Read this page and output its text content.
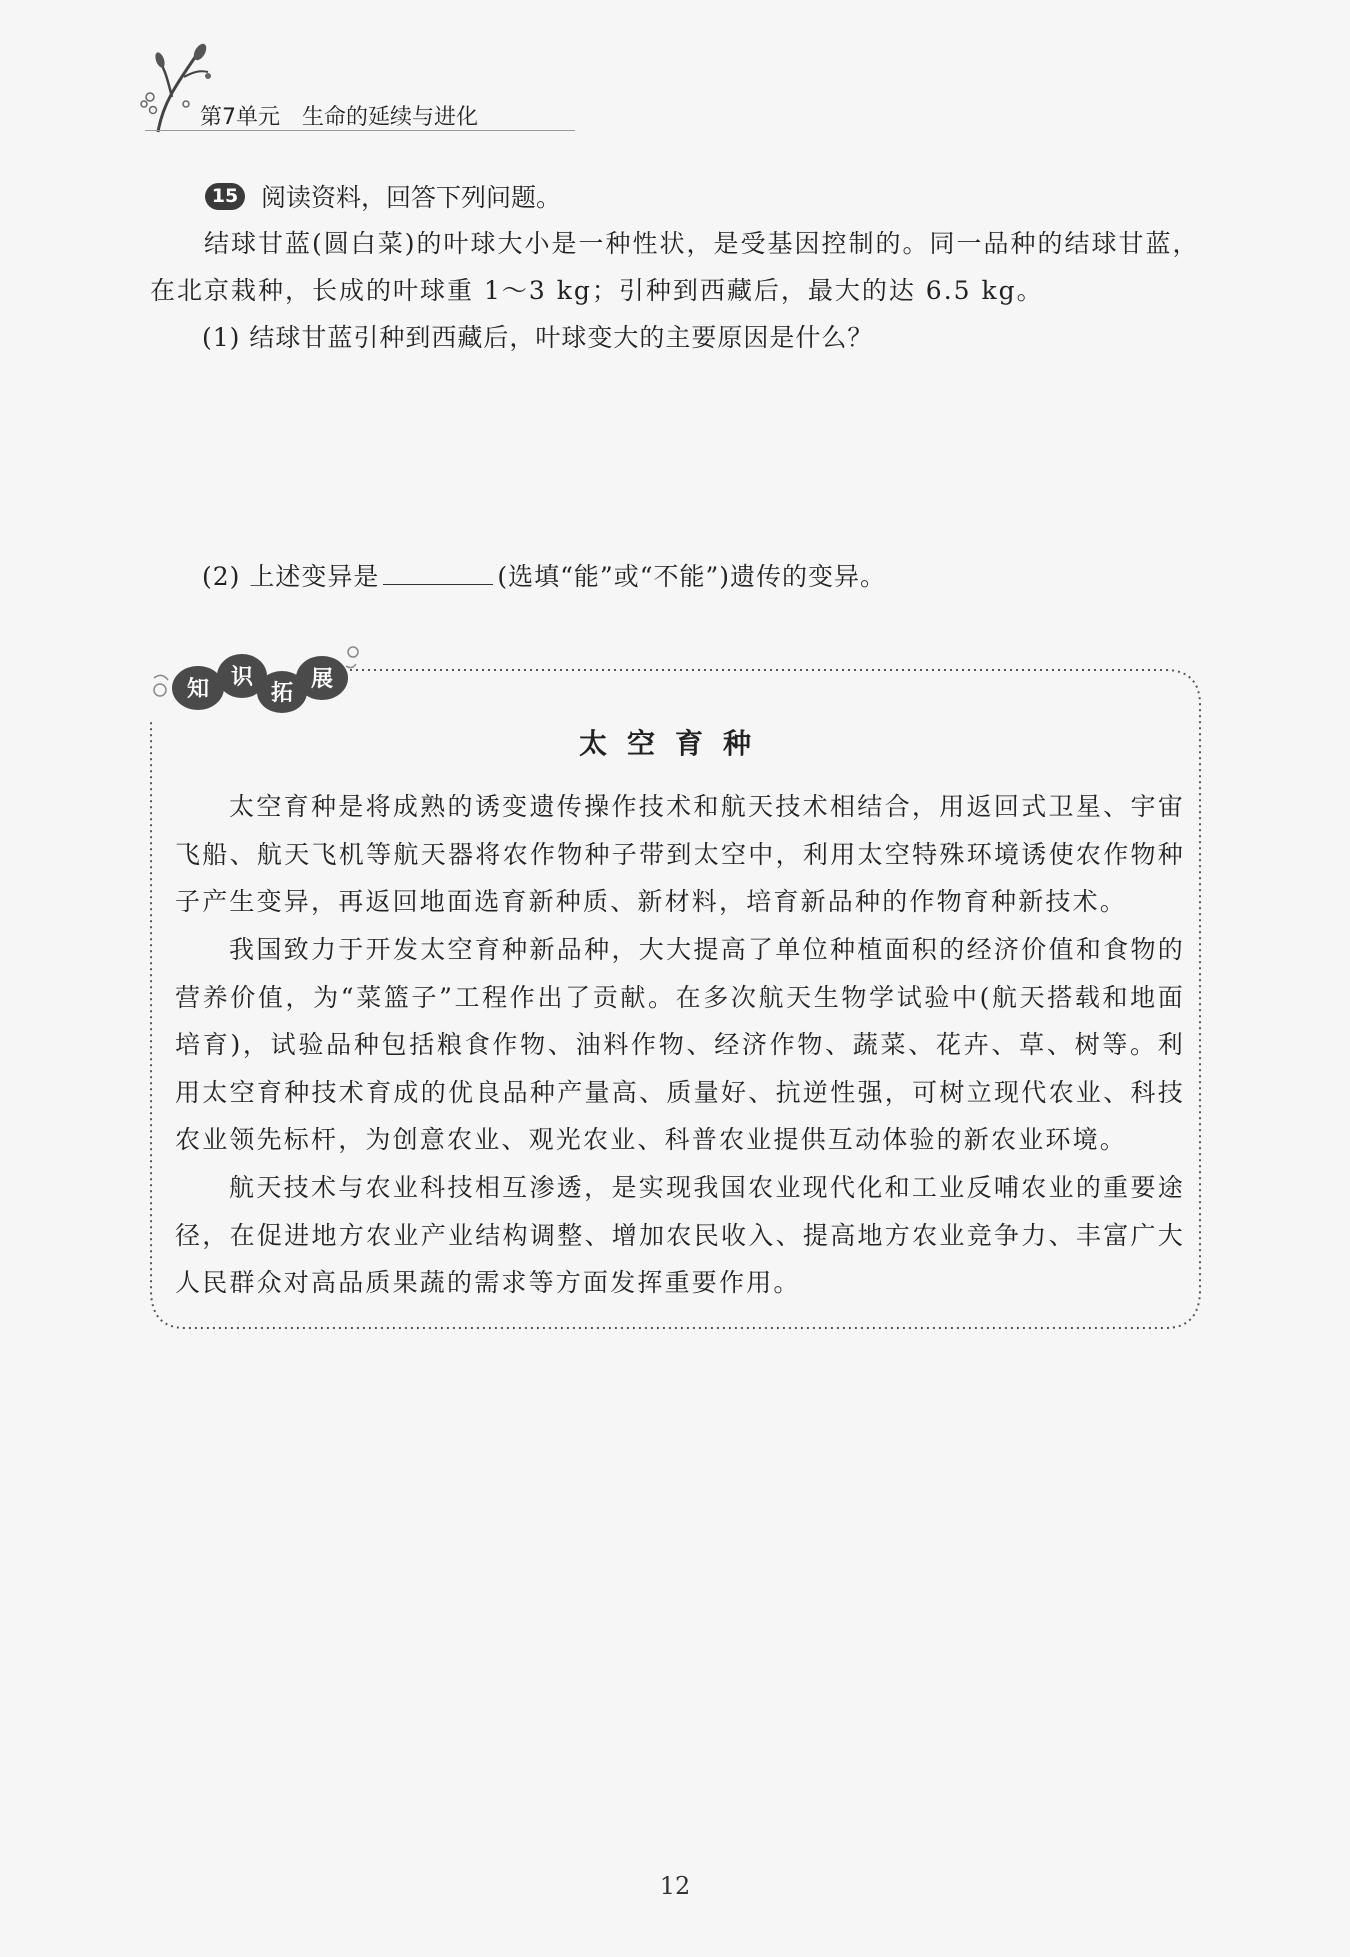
第7单元 生命的延续与进化
15 阅读资料，回答下列问题。
结球甘蓝(圆白菜)的叶球大小是一种性状，是受基因控制的。同一品种的结球甘蓝，在北京栽种，长成的叶球重 1～3 kg；引种到西藏后，最大的达 6.5 kg。
(1) 结球甘蓝引种到西藏后，叶球变大的主要原因是什么？
(2) 上述变异是	(选填“能”或“不能”)遗传的变异。
知 识
拓
展
太空育种
太空育种是将成熟的诱变遗传操作技术和航天技术相结合，用返回式卫星、宇宙飞船、航天飞机等航天器将农作物种子带到太空中，利用太空特殊环境诱使农作物种子产生变异，再返回地面选育新种质、新材料，培育新品种的作物育种新技术。
我国致力于开发太空育种新品种，大大提高了单位种植面积的经济价值和食物的营养价值，为“菜篮子”工程作出了贡献。在多次航天生物学试验中(航天搭载和地面培育)，试验品种包括粮食作物、油料作物、经济作物、蔬菜、花卉、草、树等。利用太空育种技术育成的优良品种产量高、质量好、抗逆性强，可树立现代农业、科技农业领先标杆，为创意农业、观光农业、科普农业提供互动体验的新农业环境。
航天技术与农业科技相互渗透，是实现我国农业现代化和工业反哺农业的重要途径，在促进地方农业产业结构调整、增加农民收入、提高地方农业竞争力、丰富广大人民群众对高品质果蔬的需求等方面发挥重要作用。
12
